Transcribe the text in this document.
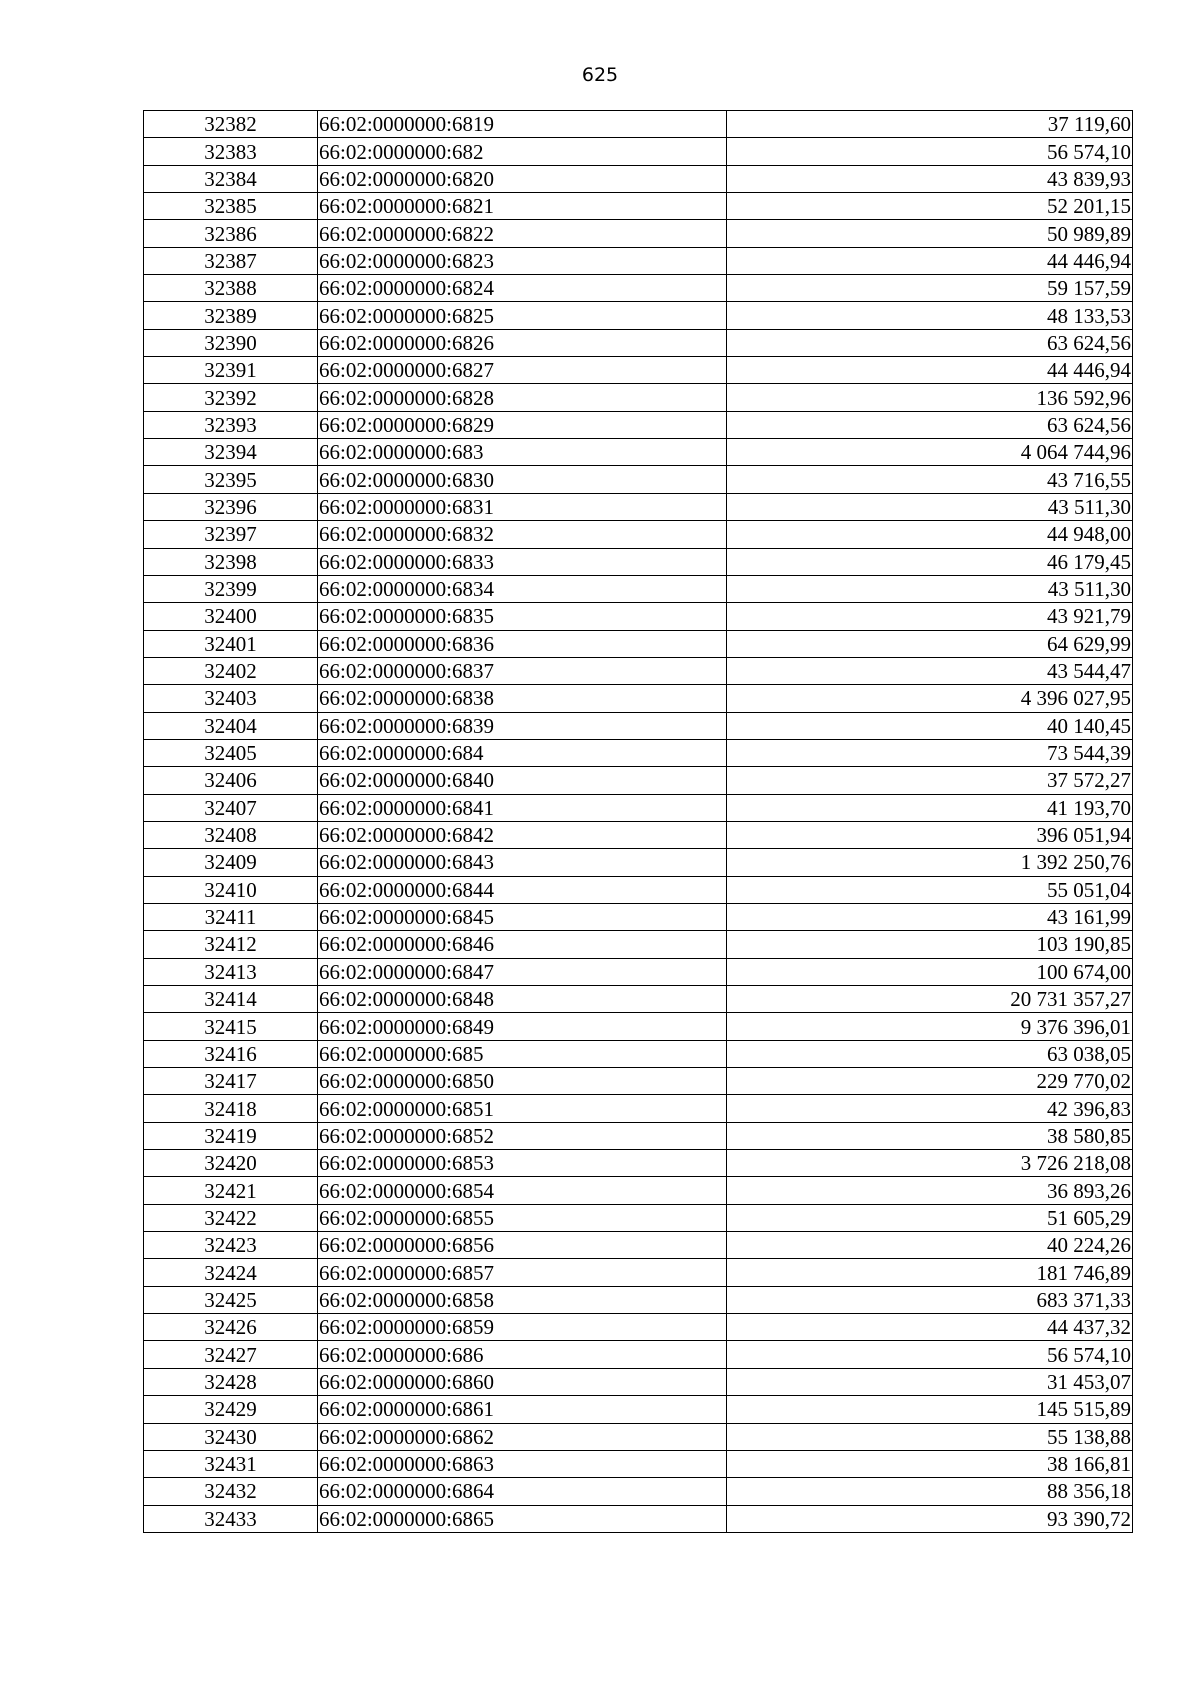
625
32382	66:02:0000000:6819	37 119,60
32383	66:02:0000000:682	56 574,10
32384	66:02:0000000:6820	43 839,93
32385	66:02:0000000:6821	52 201,15
32386	66:02:0000000:6822	50 989,89
32387	66:02:0000000:6823	44 446,94
32388	66:02:0000000:6824	59 157,59
32389	66:02:0000000:6825	48 133,53
32390	66:02:0000000:6826	63 624,56
32391	66:02:0000000:6827	44 446,94
32392	66:02:0000000:6828	136 592,96
32393	66:02:0000000:6829	63 624,56
32394	66:02:0000000:683	4 064 744,96
32395	66:02:0000000:6830	43 716,55
32396	66:02:0000000:6831	43 511,30
32397	66:02:0000000:6832	44 948,00
32398	66:02:0000000:6833	46 179,45
32399	66:02:0000000:6834	43 511,30
32400	66:02:0000000:6835	43 921,79
32401	66:02:0000000:6836	64 629,99
32402	66:02:0000000:6837	43 544,47
32403	66:02:0000000:6838	4 396 027,95
32404	66:02:0000000:6839	40 140,45
32405	66:02:0000000:684	73 544,39
32406	66:02:0000000:6840	37 572,27
32407	66:02:0000000:6841	41 193,70
32408	66:02:0000000:6842	396 051,94
32409	66:02:0000000:6843	1 392 250,76
32410	66:02:0000000:6844	55 051,04
32411	66:02:0000000:6845	43 161,99
32412	66:02:0000000:6846	103 190,85
32413	66:02:0000000:6847	100 674,00
32414	66:02:0000000:6848	20 731 357,27
32415	66:02:0000000:6849	9 376 396,01
32416	66:02:0000000:685	63 038,05
32417	66:02:0000000:6850	229 770,02
32418	66:02:0000000:6851	42 396,83
32419	66:02:0000000:6852	38 580,85
32420	66:02:0000000:6853	3 726 218,08
32421	66:02:0000000:6854	36 893,26
32422	66:02:0000000:6855	51 605,29
32423	66:02:0000000:6856	40 224,26
32424	66:02:0000000:6857	181 746,89
32425	66:02:0000000:6858	683 371,33
32426	66:02:0000000:6859	44 437,32
32427	66:02:0000000:686	56 574,10
32428	66:02:0000000:6860	31 453,07
32429	66:02:0000000:6861	145 515,89
32430	66:02:0000000:6862	55 138,88
32431	66:02:0000000:6863	38 166,81
32432	66:02:0000000:6864	88 356,18
32433	66:02:0000000:6865	93 390,72
